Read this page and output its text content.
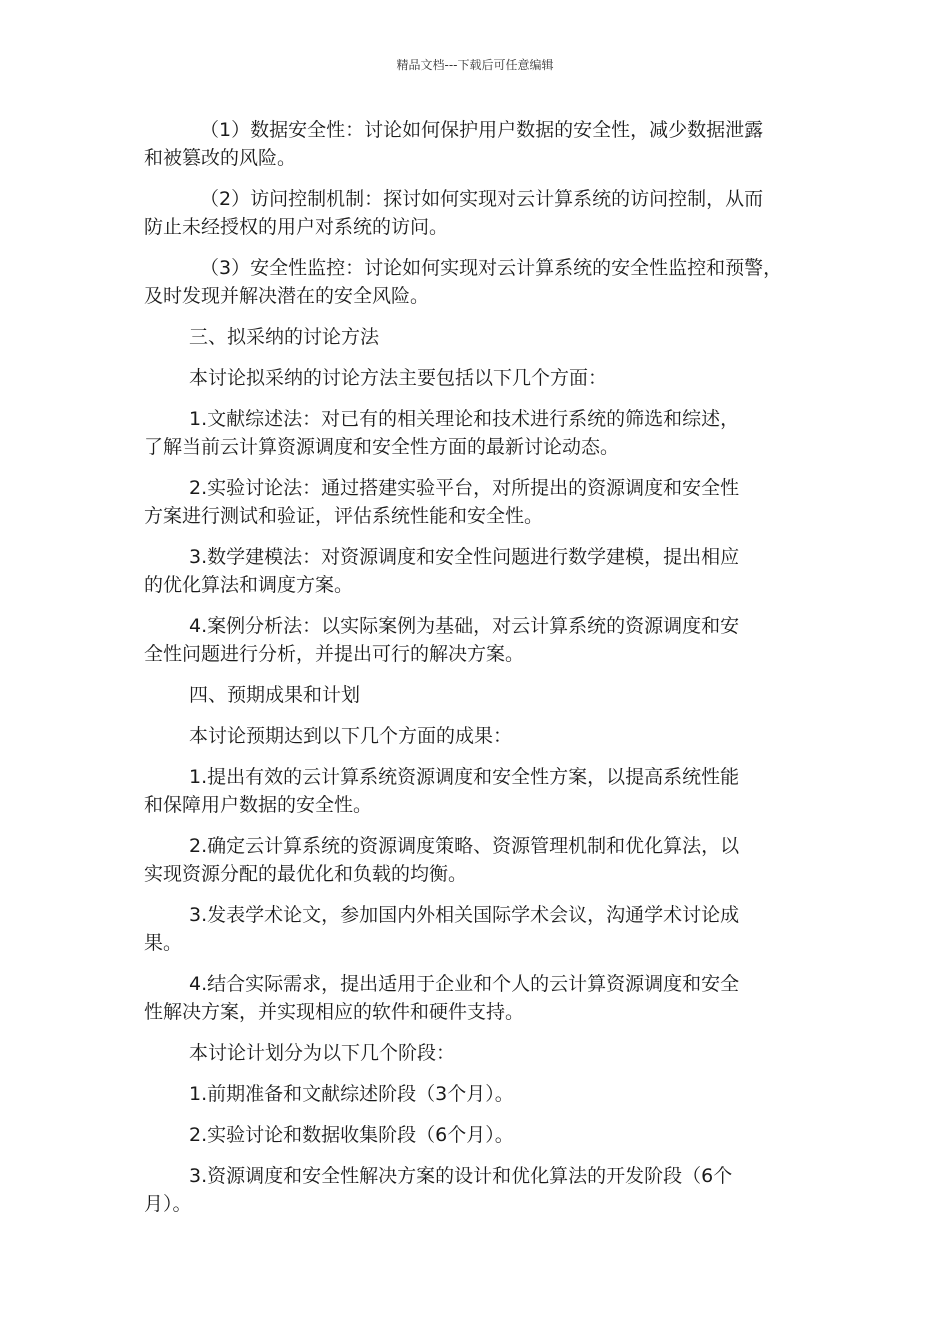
精品文档---下载后可任意编辑

（1）数据安全性：讨论如何保护用户数据的安全性，减少数据泄露
和被篡改的风险。

（2）访问控制机制：探讨如何实现对云计算系统的访问控制，从而
防止未经授权的用户对系统的访问。

（3）安全性监控：讨论如何实现对云计算系统的安全性监控和预警，
及时发现并解决潜在的安全风险。

三、拟采纳的讨论方法

本讨论拟采纳的讨论方法主要包括以下几个方面：

1.文献综述法：对已有的相关理论和技术进行系统的筛选和综述，
了解当前云计算资源调度和安全性方面的最新讨论动态。

2.实验讨论法：通过搭建实验平台，对所提出的资源调度和安全性
方案进行测试和验证，评估系统性能和安全性。

3.数学建模法：对资源调度和安全性问题进行数学建模，提出相应
的优化算法和调度方案。

4.案例分析法：以实际案例为基础，对云计算系统的资源调度和安
全性问题进行分析，并提出可行的解决方案。

四、预期成果和计划

本讨论预期达到以下几个方面的成果：

1.提出有效的云计算系统资源调度和安全性方案，以提高系统性能
和保障用户数据的安全性。

2.确定云计算系统的资源调度策略、资源管理机制和优化算法，以
实现资源分配的最优化和负载的均衡。

3.发表学术论文，参加国内外相关国际学术会议，沟通学术讨论成
果。

4.结合实际需求，提出适用于企业和个人的云计算资源调度和安全
性解决方案，并实现相应的软件和硬件支持。

本讨论计划分为以下几个阶段：

1.前期准备和文献综述阶段（3个月）。

2.实验讨论和数据收集阶段（6个月）。

3.资源调度和安全性解决方案的设计和优化算法的开发阶段（6个
月）。
